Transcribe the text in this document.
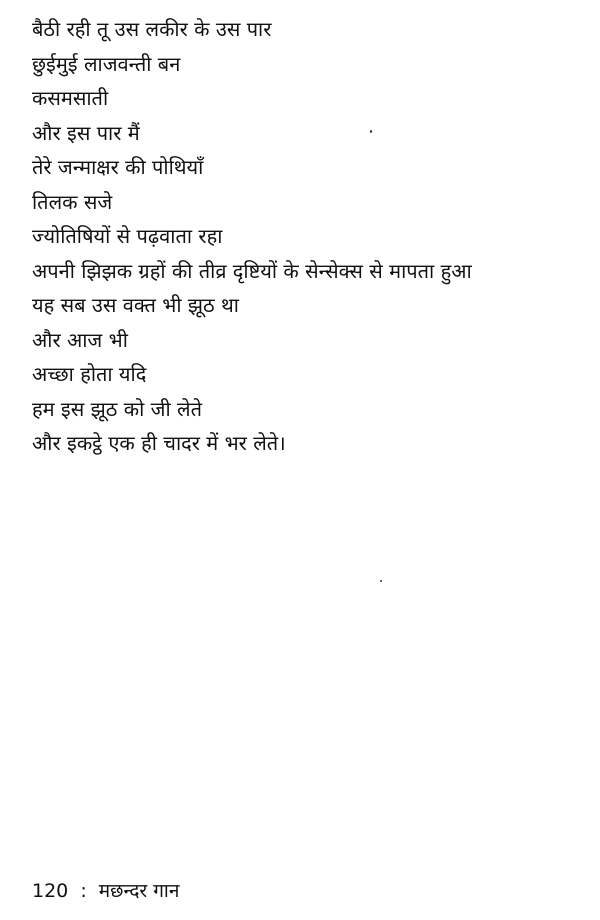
बैठी रही तू उस लकीर के उस पार
छुईमुई लाजवन्ती बन
कसमसाती
और इस पार मैं
तेरे जन्माक्षर की पोथियाँ
तिलक सजे
ज्योतिषियों से पढ़वाता रहा
अपनी झिझक ग्रहों की तीव्र दृष्टियों के सेन्सेक्स से मापता हुआ
यह सब उस वक्त भी झूठ था
और आज भी
अच्छा होता यदि
हम इस झूठ को जी लेते
और इकट्ठे एक ही चादर में भर लेते।
120 : मछन्दर गान
